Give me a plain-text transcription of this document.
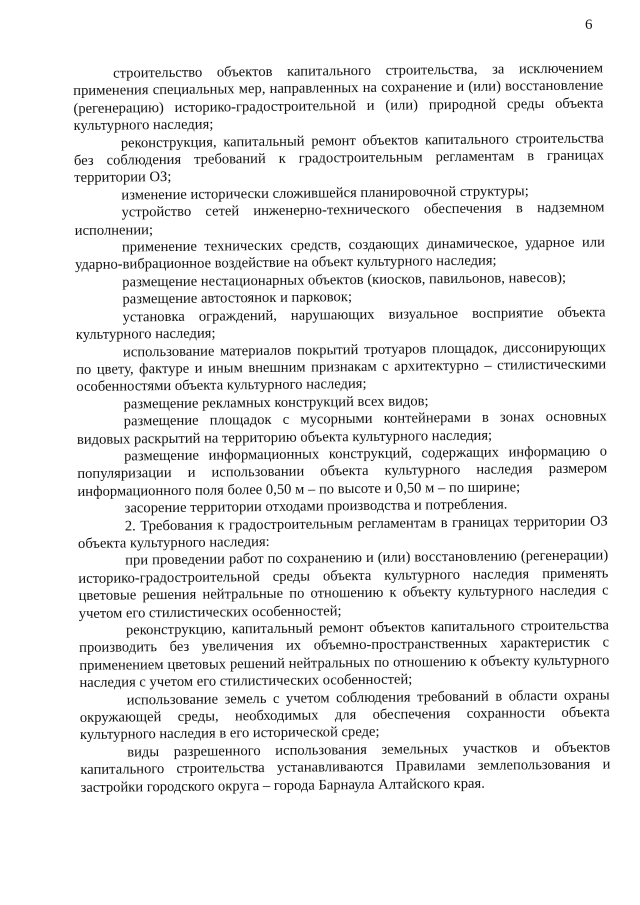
6

строительство объектов капитального строительства, за исключением применения специальных мер, направленных на сохранение и (или) восстановление (регенерацию) историко-градостроительной и (или) природной среды объекта культурного наследия;

реконструкция, капитальный ремонт объектов капитального строительства без соблюдения требований к градостроительным регламентам в границах территории ОЗ;

изменение исторически сложившейся планировочной структуры;

устройство сетей инженерно-технического обеспечения в надземном исполнении;

применение технических средств, создающих динамическое, ударное или ударно-вибрационное воздействие на объект культурного наследия;

размещение нестационарных объектов (киосков, павильонов, навесов);

размещение автостоянок и парковок;

установка ограждений, нарушающих визуальное восприятие объекта культурного наследия;

использование материалов покрытий тротуаров площадок, диссонирующих по цвету, фактуре и иным внешним признакам с архитектурно – стилистическими особенностями объекта культурного наследия;

размещение рекламных конструкций всех видов;

размещение площадок с мусорными контейнерами в зонах основных видовых раскрытий на территорию объекта культурного наследия;

размещение информационных конструкций, содержащих информацию о популяризации и использовании объекта культурного наследия размером информационного поля более 0,50 м – по высоте и 0,50 м – по ширине;

засорение территории отходами производства и потребления.

2. Требования к градостроительным регламентам в границах территории ОЗ объекта культурного наследия:

при проведении работ по сохранению и (или) восстановлению (регенерации) историко-градостроительной среды объекта культурного наследия применять цветовые решения нейтральные по отношению к объекту культурного наследия с учетом его стилистических особенностей;

реконструкцию, капитальный ремонт объектов капитального строительства производить без увеличения их объемно-пространственных характеристик с применением цветовых решений нейтральных по отношению к объекту культурного наследия с учетом его стилистических особенностей;

использование земель с учетом соблюдения требований в области охраны окружающей среды, необходимых для обеспечения сохранности объекта культурного наследия в его исторической среде;

виды разрешенного использования земельных участков и объектов капитального строительства устанавливаются Правилами землепользования и застройки городского округа – города Барнаула Алтайского края.
